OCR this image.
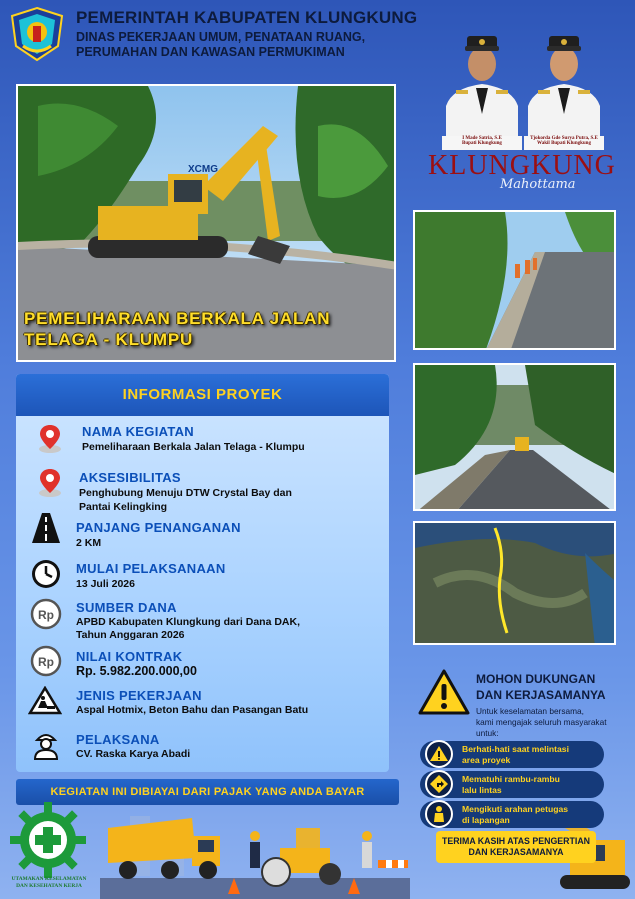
PEMERINTAH KABUPATEN KLUNGKUNG
DINAS PEKERJAAN UMUM, PENATAAN RUANG,
PERUMAHAN DAN KAWASAN PERMUKIMAN
I Made Satria, S.E
Bupati Klungkung
Tjokorda Gde Surya Putra, S.E
Wakil Bupati Klungkung
KLUNGKUNG
Mahottama
XCMG
PEMELIHARAAN BERKALA JALAN
TELAGA - KLUMPU
INFORMASI PROYEK
NAMA KEGIATAN
Pemeliharaan Berkala Jalan Telaga - Klumpu
AKSESIBILITAS
Penghubung Menuju DTW Crystal Bay dan
Pantai Kelingking
PANJANG PENANGANAN
2 KM
MULAI PELAKSANAAN
13 Juli 2026
Rp SUMBER DANA
APBD Kabupaten Klungkung dari Dana DAK,
Tahun Anggaran 2026
Rp NILAI KONTRAK
Rp. 5.982.200.000,00
JENIS PEKERJAAN
Aspal Hotmix, Beton Bahu dan Pasangan Batu
PELAKSANA
CV. Raska Karya Abadi
KEGIATAN INI DIBIAYAI DARI PAJAK YANG ANDA BAYAR
UTAMAKAN KESELAMATAN
DAN KESEHATAN KERJA
MOHON DUKUNGAN
DAN KERJASAMANYA
Untuk keselamatan bersama,
kami mengajak seluruh masyarakat
untuk:
Berhati-hati saat melintasi
area proyek
Mematuhi rambu-rambu
lalu lintas
Mengikuti arahan petugas
di lapangan
TERIMA KASIH ATAS PENGERTIAN
DAN KERJASAMANYA
